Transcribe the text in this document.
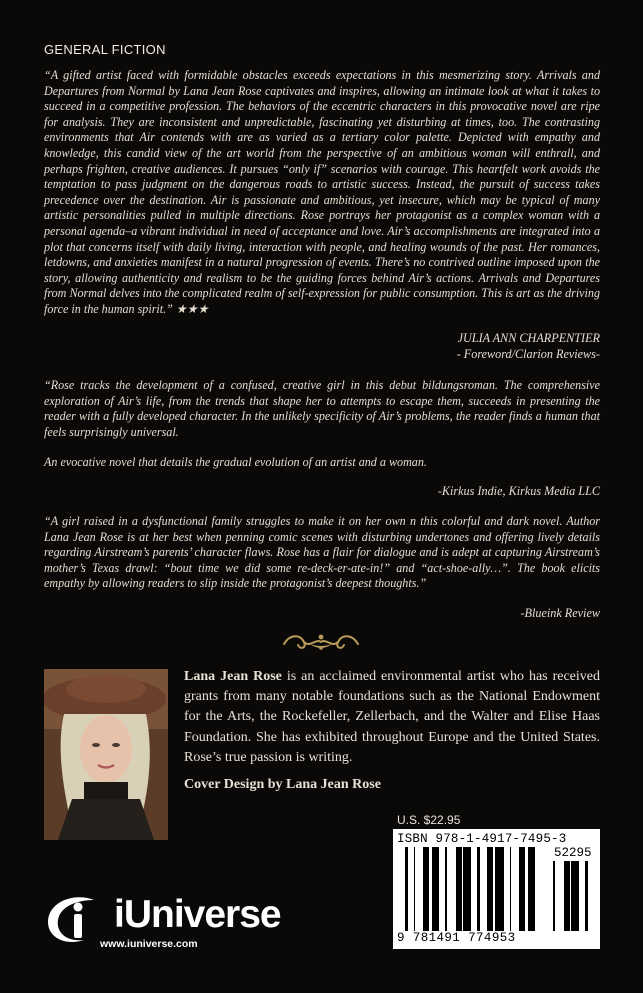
GENERAL FICTION

“A gifted artist faced with formidable obstacles exceeds expectations in this mesmerizing story. Arrivals and Departures from Normal by Lana Jean Rose captivates and inspires, allowing an intimate look at what it takes to succeed in a competitive profession. The behaviors of the eccentric characters in this provocative novel are ripe for analysis. They are inconsistent and unpredictable, fascinating yet disturbing at times, too. The contrasting environments that Air contends with are as varied as a tertiary color palette. Depicted with empathy and knowledge, this candid view of the art world from the perspective of an ambitious woman will enthrall, and perhaps frighten, creative audiences. It pursues “only if” scenarios with courage. This heartfelt work avoids the temptation to pass judgment on the dangerous roads to artistic success. Instead, the pursuit of success takes precedence over the destination. Air is passionate and ambitious, yet insecure, which may be typical of many artistic personalities pulled in multiple directions. Rose portrays her protagonist as a complex woman with a personal agenda–a vibrant individual in need of acceptance and love. Air’s accomplishments are integrated into a plot that concerns itself with daily living, interaction with people, and healing wounds of the past. Her romances, letdowns, and anxieties manifest in a natural progression of events. There’s no contrived outline imposed upon the story, allowing authenticity and realism to be the guiding forces behind Air’s actions. Arrivals and Departures from Normal delves into the complicated realm of self-expression for public consumption. This is art as the driving force in the human spirit.” ★★★

JULIA ANN CHARPENTIER
- Foreword/Clarion Reviews-

“Rose tracks the development of a confused, creative girl in this debut bildungsroman. The comprehensive exploration of Air’s life, from the trends that shape her to attempts to escape them, succeeds in presenting the reader with a fully developed character. In the unlikely specificity of Air’s problems, the reader finds a human that feels surprisingly universal.

An evocative novel that details the gradual evolution of an artist and a woman.

-Kirkus Indie, Kirkus Media LLC

“A girl raised in a dysfunctional family struggles to make it on her own n this colorful and dark novel. Author Lana Jean Rose is at her best when penning comic scenes with disturbing undertones and offering lively details regarding Airstream’s parents’ character flaws. Rose has a flair for dialogue and is adept at capturing Airstream’s mother’s Texas drawl: “bout time we did some re-deck-er-ate-in!” and “act-shoe-ally…”. The book elicits empathy by allowing readers to slip inside the protagonist’s deepest thoughts.”

-Blueink Review

Lana Jean Rose is an acclaimed environmental artist who has received grants from many notable foundations such as the National Endowment for the Arts, the Rockefeller, Zellerbach, and the Walter and Elise Haas Foundation. She has exhibited throughout Europe and the United States. Rose’s true passion is writing.

Cover Design by Lana Jean Rose
U.S. $22.95
ISBN 978-1-4917-7495-3
52295
9 781491 774953
iUniverse
www.iuniverse.com
